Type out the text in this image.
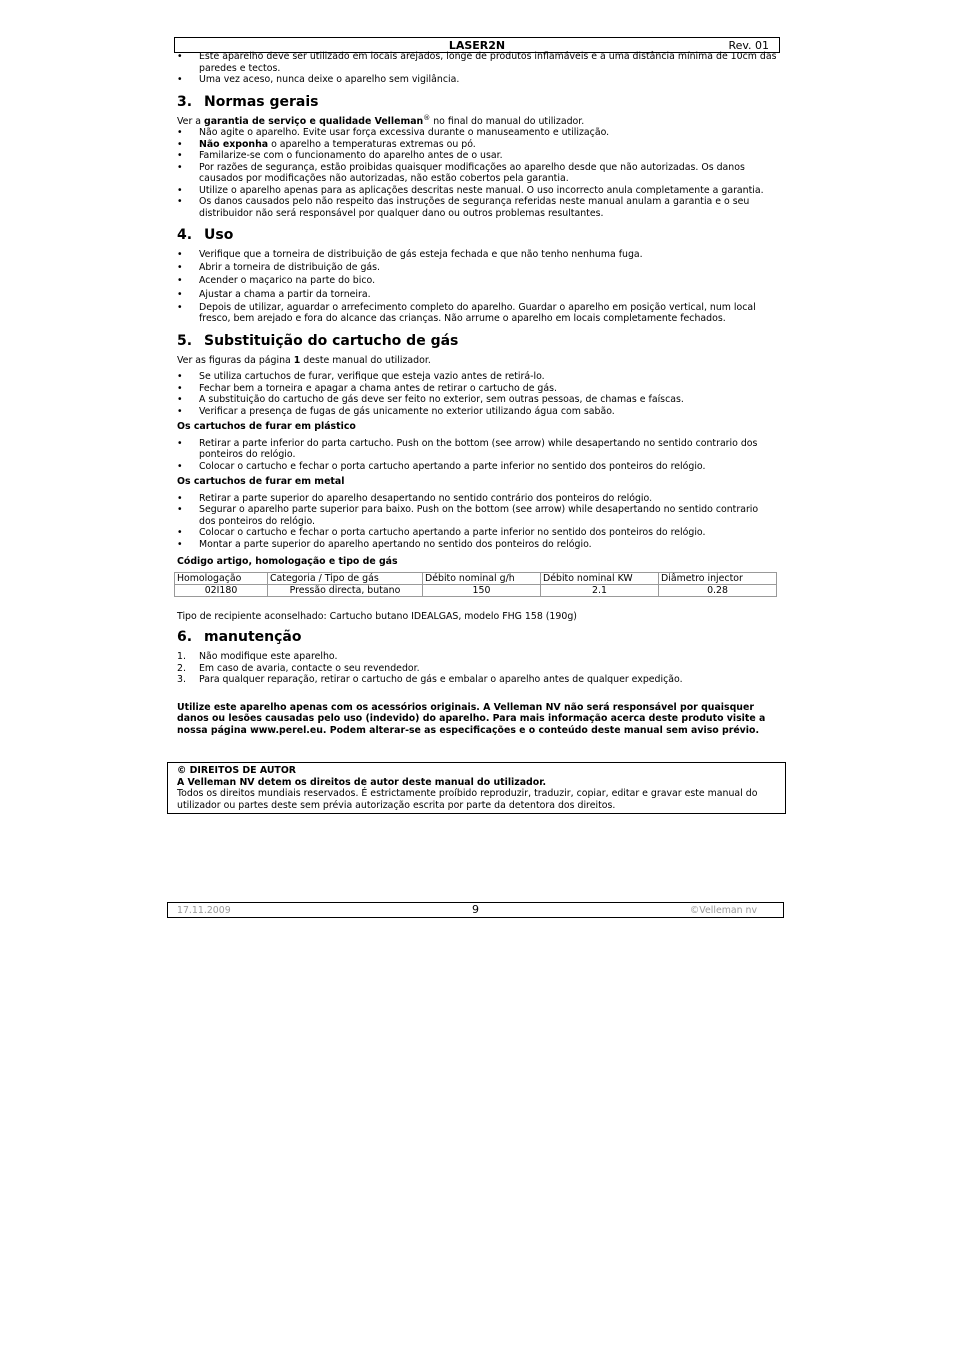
LASER2N	Rev. 01
• Este aparelho deve ser utilizado em locais arejados, longe de produtos inflamáveis e a uma distância mínima de 10cm das paredes e tectos.
• Uma vez aceso, nunca deixe o aparelho sem vigilância.
3. Normas gerais

Ver a garantia de serviço e qualidade Velleman® no final do manual do utilizador.

• Não agite o aparelho. Evite usar força excessiva durante o manuseamento e utilização.
• Não exponha o aparelho a temperaturas extremas ou pó.
• Familarize-se com o funcionamento do aparelho antes de o usar.
• Por razões de segurança, estão proibidas quaisquer modificações ao aparelho desde que não autorizadas. Os danos causados por modificações não autorizadas, não estão cobertos pela garantia.
• Utilize o aparelho apenas para as aplicações descritas neste manual. O uso incorrecto anula completamente a garantia.
• Os danos causados pelo não respeito das instruções de segurança referidas neste manual anulam a garantia e o seu distribuidor não será responsável por qualquer dano ou outros problemas resultantes.
4. Uso
• Verifique que a torneira de distribuição de gás esteja fechada e que não tenho nenhuma fuga.
• Abrir a torneira de distribuição de gás.
• Acender o maçarico na parte do bico.
• Ajustar a chama a partir da torneira.
• Depois de utilizar, aguardar o arrefecimento completo do aparelho. Guardar o aparelho em posição vertical, num local fresco, bem arejado e fora do alcance das crianças. Não arrume o aparelho em locais completamente fechados.
5. Substituição do cartucho de gás

Ver as figuras da página 1 deste manual do utilizador.

• Se utiliza cartuchos de furar, verifique que esteja vazio antes de retirá-lo.
• Fechar bem a torneira e apagar a chama antes de retirar o cartucho de gás.
• A substituição do cartucho de gás deve ser feito no exterior, sem outras pessoas, de chamas e faíscas.
• Verificar a presença de fugas de gás unicamente no exterior utilizando água com sabão.

Os cartuchos de furar em plástico

• Retirar a parte inferior do parta cartucho. Push on the bottom (see arrow) while desapertando no sentido contrario dos ponteiros do relógio.
• Colocar o cartucho e fechar o porta cartucho apertando a parte inferior no sentido dos ponteiros do relógio.

Os cartuchos de furar em metal

• Retirar a parte superior do aparelho desapertando no sentido contrário dos ponteiros do relógio.
• Segurar o aparelho parte superior para baixo. Push on the bottom (see arrow) while desapertando no sentido contrario dos ponteiros do relógio.
• Colocar o cartucho e fechar o porta cartucho apertando a parte inferior no sentido dos ponteiros do relógio.
• Montar a parte superior do aparelho apertando no sentido dos ponteiros do relógio.

Código artigo, homologação e tipo de gás

Homologação	Categoria / Tipo de gás	Débito nominal g/h	Débito nominal KW	Diâmetro injector
02I180	Pressão directa, butano	150	2.1	0.28

Tipo de recipiente aconselhado: Cartucho butano IDEALGAS, modelo FHG 158 (190g)

6. manutenção
1. Não modifique este aparelho.
2. Em caso de avaria, contacte o seu revendedor.
3. Para qualquer reparação, retirar o cartucho de gás e embalar o aparelho antes de qualquer expedição.

Utilize este aparelho apenas com os acessórios originais. A Velleman NV não será responsável por quaisquer danos ou lesões causadas pelo uso (indevido) do aparelho. Para mais informação acerca deste produto visite a nossa página www.perel.eu. Podem alterar-se as especificações e o conteúdo deste manual sem aviso prévio.

© DIREITOS DE AUTOR

A Velleman NV detem os direitos de autor deste manual do utilizador.

Todos os direitos mundiais reservados. É estrictamente proíbido reproduzir, traduzir, copiar, editar e gravar este manual do utilizador ou partes deste sem prévia autorização escrita por parte da detentora dos direitos.

17.11.2009	9	©Velleman nv
